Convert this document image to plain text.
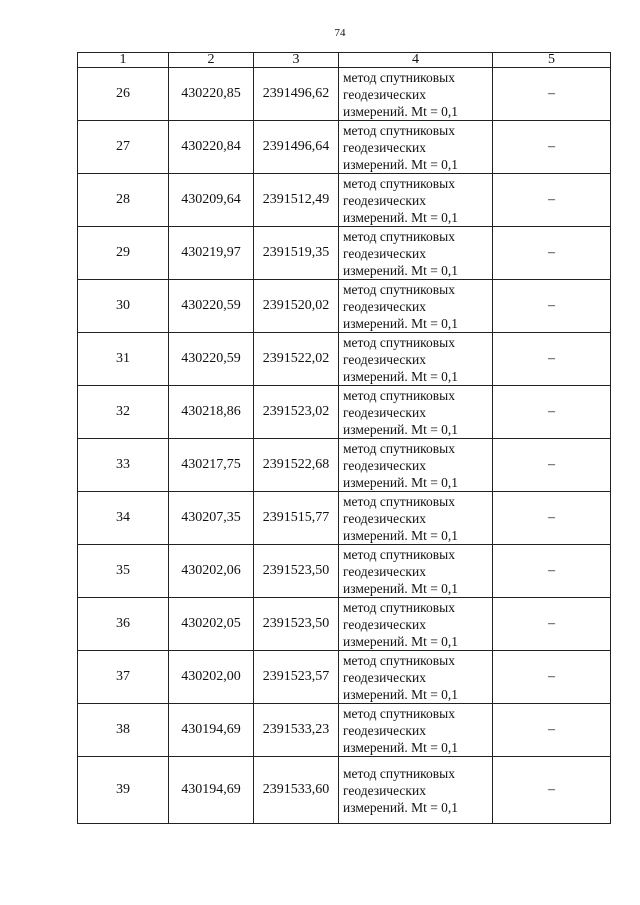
74
1	2	3	4	5
26	430220,85	2391496,62	метод спутниковых
геодезических
измерений. Mt = 0,1	–
27	430220,84	2391496,64	метод спутниковых
геодезических
измерений. Mt = 0,1	–
28	430209,64	2391512,49	метод спутниковых
геодезических
измерений. Mt = 0,1	–
29	430219,97	2391519,35	метод спутниковых
геодезических
измерений. Mt = 0,1	–
30	430220,59	2391520,02	метод спутниковых
геодезических
измерений. Mt = 0,1	–
31	430220,59	2391522,02	метод спутниковых
геодезических
измерений. Mt = 0,1	–
32	430218,86	2391523,02	метод спутниковых
геодезических
измерений. Mt = 0,1	–
33	430217,75	2391522,68	метод спутниковых
геодезических
измерений. Mt = 0,1	–
34	430207,35	2391515,77	метод спутниковых
геодезических
измерений. Mt = 0,1	–
35	430202,06	2391523,50	метод спутниковых
геодезических
измерений. Mt = 0,1	–
36	430202,05	2391523,50	метод спутниковых
геодезических
измерений. Mt = 0,1	–
37	430202,00	2391523,57	метод спутниковых
геодезических
измерений. Mt = 0,1	–
38	430194,69	2391533,23	метод спутниковых
геодезических
измерений. Mt = 0,1	–
39	430194,69	2391533,60	метод спутниковых
геодезических
измерений. Mt = 0,1	–
